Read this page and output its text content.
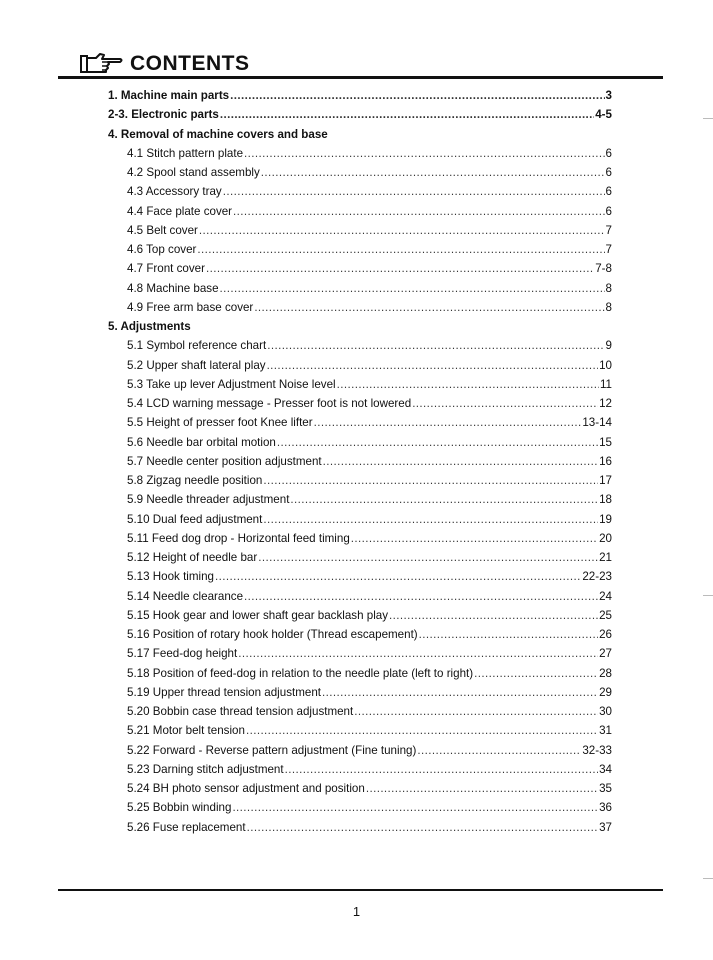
CONTENTS
1. Machine main parts .....	3
2-3. Electronic parts .....	4-5
4. Removal of machine covers and base
4.1 Stitch pattern plate .....	6
4.2 Spool stand assembly .....	6
4.3 Accessory tray .....	6
4.4 Face plate cover .....	6
4.5 Belt cover .....	7
4.6 Top cover .....	7
4.7 Front cover .....	7-8
4.8 Machine base .....	8
4.9 Free arm base cover .....	8
5. Adjustments
5.1 Symbol reference chart .....	9
5.2 Upper shaft lateral play .....	10
5.3 Take up lever Adjustment Noise level .....	11
5.4 LCD warning message - Presser foot is not lowered .....	12
5.5 Height of presser foot Knee lifter .....	13-14
5.6 Needle bar orbital motion .....	15
5.7 Needle center position adjustment .....	16
5.8 Zigzag needle position .....	17
5.9 Needle threader adjustment .....	18
5.10 Dual feed adjustment .....	19
5.11 Feed dog drop - Horizontal feed timing .....	20
5.12 Height of needle bar .....	21
5.13 Hook timing .....	22-23
5.14 Needle clearance .....	24
5.15 Hook gear and lower shaft gear backlash play .....	25
5.16 Position of rotary hook holder (Thread escapement) .....	26
5.17 Feed-dog height .....	27
5.18 Position of feed-dog in relation to the needle plate (left to right) .....	28
5.19 Upper thread tension adjustment .....	29
5.20 Bobbin case thread tension adjustment .....	30
5.21 Motor belt tension .....	31
5.22 Forward - Reverse pattern adjustment (Fine tuning) .....	32-33
5.23 Darning stitch adjustment .....	34
5.24 BH photo sensor adjustment and position .....	35
5.25 Bobbin winding .....	36
5.26 Fuse replacement .....	37
1
